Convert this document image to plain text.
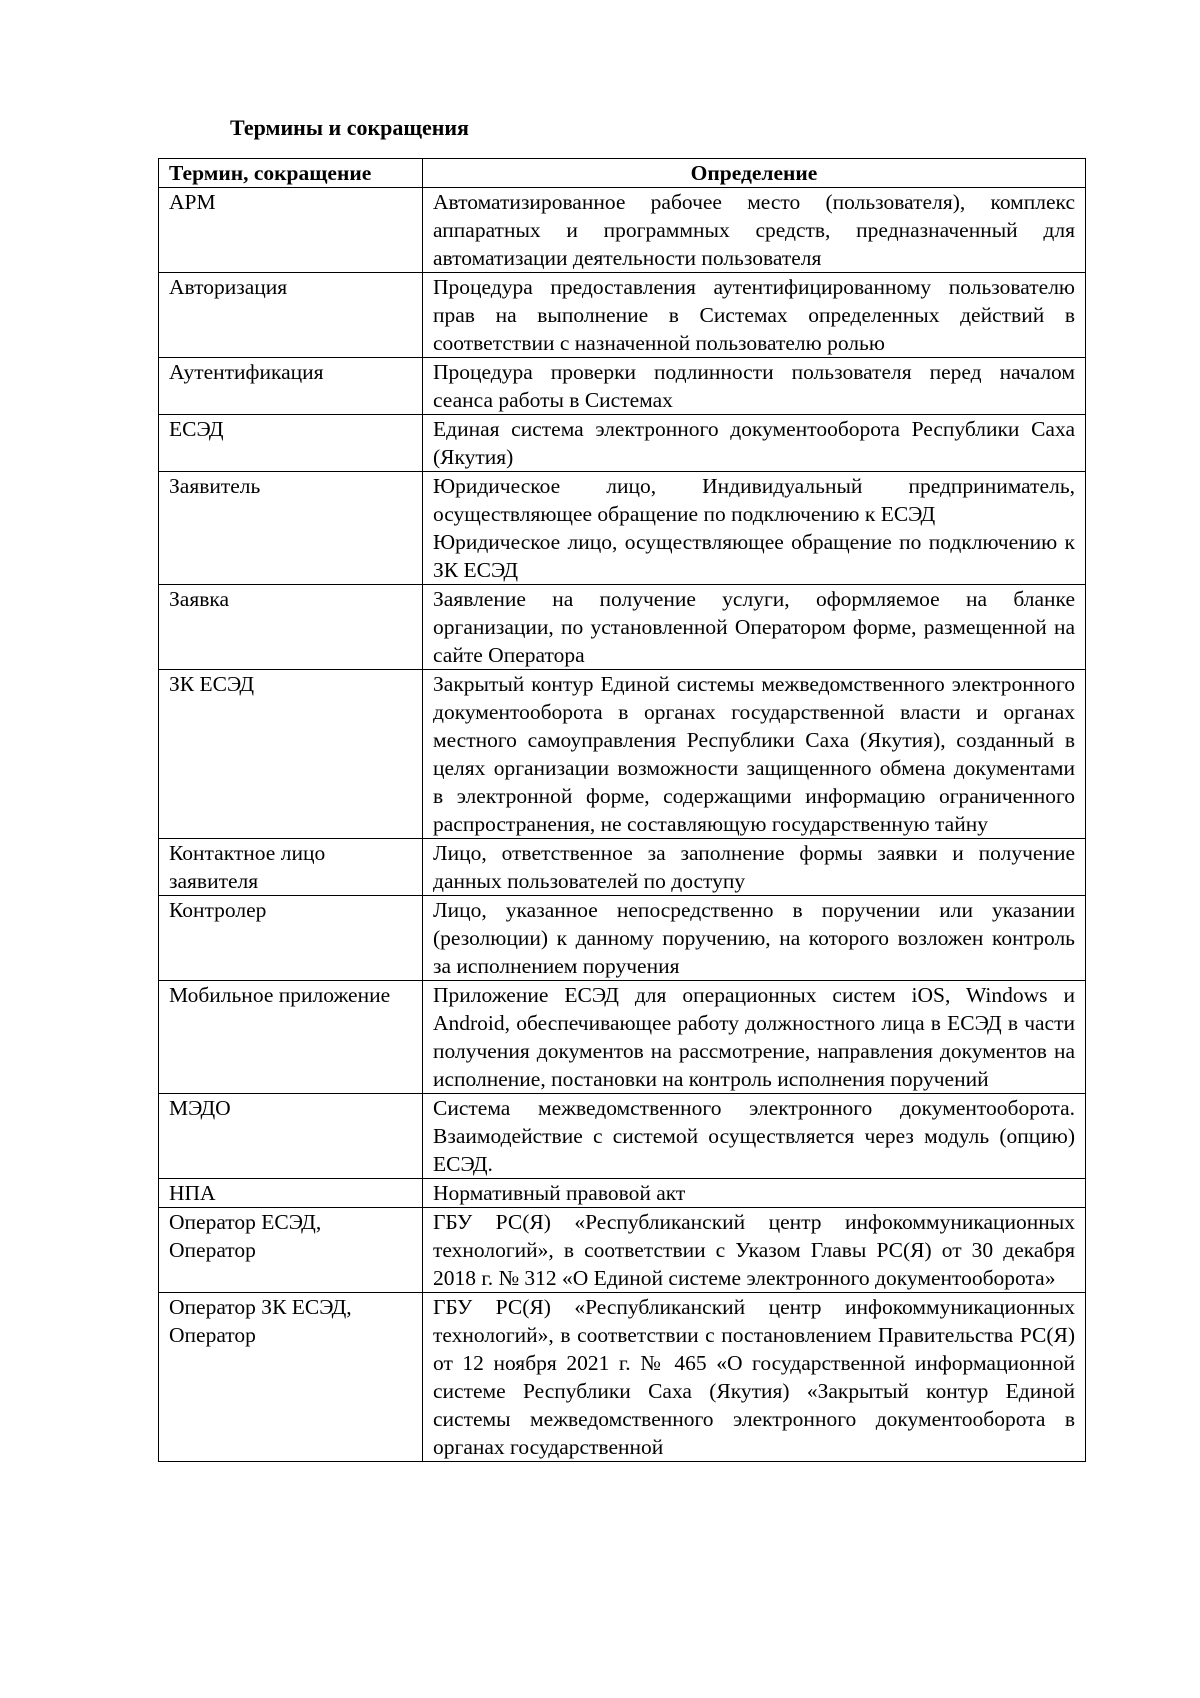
Термины и сокращения
Термин, сокращение	Определение
АРМ	Автоматизированное рабочее место (пользователя), комплекс аппаратных и программных средств, предназначенный для автоматизации деятельности пользователя

Авторизация	Процедура предоставления аутентифицированному пользователю прав на выполнение в Системах определенных действий в соответствии с назначенной пользователю ролью

Аутентификация	Процедура проверки подлинности пользователя перед началом сеанса работы в Системах

ЕСЭД	Единая система электронного документооборота Республики Саха (Якутия)

Заявитель	Юридическое лицо, Индивидуальный предприниматель, осуществляющее обращение по подключению к ЕСЭД
Юридическое лицо, осуществляющее обращение по подключению к ЗК ЕСЭД

Заявка	Заявление на получение услуги, оформляемое на бланке организации, по установленной Оператором форме, размещенной на сайте Оператора

ЗК ЕСЭД	Закрытый контур Единой системы межведомственного электронного документооборота в органах государственной власти и органах местного самоуправления Республики Саха (Якутия), созданный в целях организации возможности защищенного обмена документами в электронной форме, содержащими информацию ограниченного распространения, не составляющую государственную тайну

Контактное лицо заявителя	Лицо, ответственное за заполнение формы заявки и получение данных пользователей по доступу

Контролер	Лицо, указанное непосредственно в поручении или указании (резолюции) к данному поручению, на которого возложен контроль за исполнением поручения

Мобильное приложение	Приложение ЕСЭД для операционных систем iOS, Windows и Android, обеспечивающее работу должностного лица в ЕСЭД в части получения документов на рассмотрение, направления документов на исполнение, постановки на контроль исполнения поручений

МЭДО	Система межведомственного электронного документооборота. Взаимодействие с системой осуществляется через модуль (опцию) ЕСЭД.

НПА	Нормативный правовой акт

Оператор ЕСЭД, Оператор	ГБУ РС(Я) «Республиканский центр инфокоммуникационных технологий», в соответствии с Указом Главы РС(Я) от 30 декабря 2018 г. № 312 «О Единой системе электронного документооборота»

Оператор ЗК ЕСЭД, Оператор	ГБУ РС(Я) «Республиканский центр инфокоммуникационных технологий», в соответствии с постановлением Правительства РС(Я) от 12 ноября 2021 г. № 465 «О государственной информационной системе Республики Саха (Якутия) «Закрытый контур Единой системы межведомственного электронного документооборота в органах государственной
